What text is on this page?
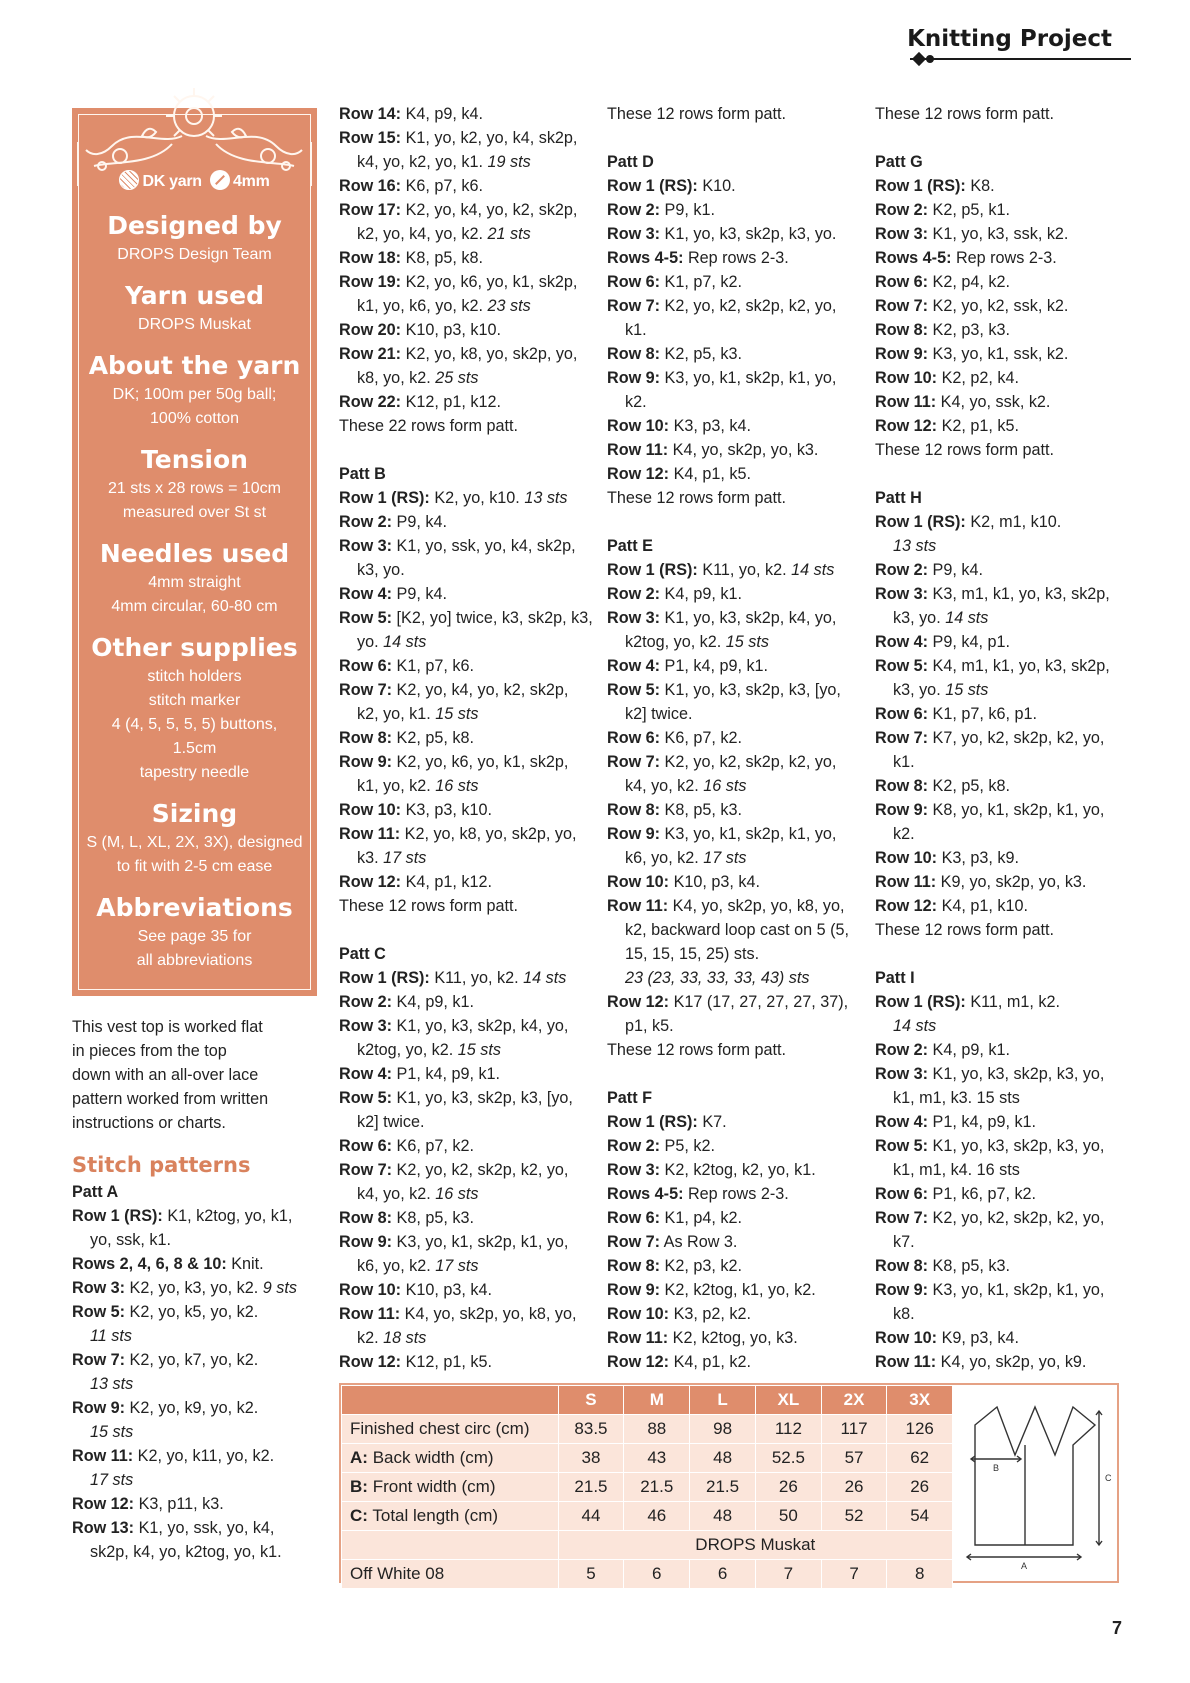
Knitting Project
DK yarn 4mm
Designed by

DROPS Design Team

Yarn used

DROPS Muskat

About the yarn

DK; 100m per 50g ball;

100% cotton

Tension

21 sts x 28 rows = 10cm

measured over St st

Needles used

4mm straight

4mm circular, 60-80 cm

Other supplies

stitch holders

stitch marker

4 (4, 5, 5, 5, 5) buttons,

1.5cm

tapestry needle

Sizing

S (M, L, XL, 2X, 3X), designed

to fit with 2-5 cm ease

Abbreviations

See page 35 for

all abbreviations

This vest top is worked flat
in pieces from the top
down with an all-over lace
pattern worked from written
instructions or charts.
Stitch patterns
Patt A
Row 1 (RS): K1, k2tog, yo, k1, yo, ssk, k1.
Rows 2, 4, 6, 8 & 10: Knit.
Row 3: K2, yo, k3, yo, k2. 9 sts
Row 5: K2, yo, k5, yo, k2.
11 sts
Row 7: K2, yo, k7, yo, k2.
13 sts
Row 9: K2, yo, k9, yo, k2.
15 sts
Row 11: K2, yo, k11, yo, k2.
17 sts
Row 12: K3, p11, k3.
Row 13: K1, yo, ssk, yo, k4, sk2p, k4, yo, k2tog, yo, k1.
Row 14: K4, p9, k4.
Row 15: K1, yo, k2, yo, k4, sk2p, k4, yo, k2, yo, k1. 19 sts
Row 16: K6, p7, k6.
Row 17: K2, yo, k4, yo, k2, sk2p, k2, yo, k4, yo, k2. 21 sts
Row 18: K8, p5, k8.
Row 19: K2, yo, k6, yo, k1, sk2p, k1, yo, k6, yo, k2. 23 sts
Row 20: K10, p3, k10.
Row 21: K2, yo, k8, yo, sk2p, yo, k8, yo, k2. 25 sts
Row 22: K12, p1, k12.
These 22 rows form patt.
Patt B
Row 1 (RS): K2, yo, k10. 13 sts
Row 2: P9, k4.
Row 3: K1, yo, ssk, yo, k4, sk2p, k3, yo.
Row 4: P9, k4.
Row 5: [K2, yo] twice, k3, sk2p, k3, yo. 14 sts
Row 6: K1, p7, k6.
Row 7: K2, yo, k4, yo, k2, sk2p, k2, yo, k1. 15 sts
Row 8: K2, p5, k8.
Row 9: K2, yo, k6, yo, k1, sk2p, k1, yo, k2. 16 sts
Row 10: K3, p3, k10.
Row 11: K2, yo, k8, yo, sk2p, yo, k3. 17 sts
Row 12: K4, p1, k12.
These 12 rows form patt.
Patt C
Row 1 (RS): K11, yo, k2. 14 sts
Row 2: K4, p9, k1.
Row 3: K1, yo, k3, sk2p, k4, yo, k2tog, yo, k2. 15 sts
Row 4: P1, k4, p9, k1.
Row 5: K1, yo, k3, sk2p, k3, [yo, k2] twice.
Row 6: K6, p7, k2.
Row 7: K2, yo, k2, sk2p, k2, yo, k4, yo, k2. 16 sts
Row 8: K8, p5, k3.
Row 9: K3, yo, k1, sk2p, k1, yo, k6, yo, k2. 17 sts
Row 10: K10, p3, k4.
Row 11: K4, yo, sk2p, yo, k8, yo, k2. 18 sts
Row 12: K12, p1, k5.
These 12 rows form patt.
Patt D
Row 1 (RS): K10.
Row 2: P9, k1.
Row 3: K1, yo, k3, sk2p, k3, yo.
Rows 4-5: Rep rows 2-3.
Row 6: K1, p7, k2.
Row 7: K2, yo, k2, sk2p, k2, yo, k1.
Row 8: K2, p5, k3.
Row 9: K3, yo, k1, sk2p, k1, yo, k2.
Row 10: K3, p3, k4.
Row 11: K4, yo, sk2p, yo, k3.
Row 12: K4, p1, k5.
These 12 rows form patt.
Patt E
Row 1 (RS): K11, yo, k2. 14 sts
Row 2: K4, p9, k1.
Row 3: K1, yo, k3, sk2p, k4, yo, k2tog, yo, k2. 15 sts
Row 4: P1, k4, p9, k1.
Row 5: K1, yo, k3, sk2p, k3, [yo, k2] twice.
Row 6: K6, p7, k2.
Row 7: K2, yo, k2, sk2p, k2, yo, k4, yo, k2. 16 sts
Row 8: K8, p5, k3.
Row 9: K3, yo, k1, sk2p, k1, yo, k6, yo, k2. 17 sts
Row 10: K10, p3, k4.
Row 11: K4, yo, sk2p, yo, k8, yo, k2, backward loop cast on 5 (5, 15, 15, 15, 25) sts.
23 (23, 33, 33, 33, 43) sts
Row 12: K17 (17, 27, 27, 27, 37), p1, k5.
These 12 rows form patt.
Patt F
Row 1 (RS): K7.
Row 2: P5, k2.
Row 3: K2, k2tog, k2, yo, k1.
Rows 4-5: Rep rows 2-3.
Row 6: K1, p4, k2.
Row 7: As Row 3.
Row 8: K2, p3, k2.
Row 9: K2, k2tog, k1, yo, k2.
Row 10: K3, p2, k2.
Row 11: K2, k2tog, yo, k3.
Row 12: K4, p1, k2.
These 12 rows form patt.
Patt G
Row 1 (RS): K8.
Row 2: K2, p5, k1.
Row 3: K1, yo, k3, ssk, k2.
Rows 4-5: Rep rows 2-3.
Row 6: K2, p4, k2.
Row 7: K2, yo, k2, ssk, k2.
Row 8: K2, p3, k3.
Row 9: K3, yo, k1, ssk, k2.
Row 10: K2, p2, k4.
Row 11: K4, yo, ssk, k2.
Row 12: K2, p1, k5.
These 12 rows form patt.
Patt H
Row 1 (RS): K2, m1, k10.
13 sts
Row 2: P9, k4.
Row 3: K3, m1, k1, yo, k3, sk2p, k3, yo. 14 sts
Row 4: P9, k4, p1.
Row 5: K4, m1, k1, yo, k3, sk2p, k3, yo. 15 sts
Row 6: K1, p7, k6, p1.
Row 7: K7, yo, k2, sk2p, k2, yo, k1.
Row 8: K2, p5, k8.
Row 9: K8, yo, k1, sk2p, k1, yo, k2.
Row 10: K3, p3, k9.
Row 11: K9, yo, sk2p, yo, k3.
Row 12: K4, p1, k10.
These 12 rows form patt.
Patt I
Row 1 (RS): K11, m1, k2.
14 sts
Row 2: K4, p9, k1.
Row 3: K1, yo, k3, sk2p, k3, yo, k1, m1, k3. 15 sts
Row 4: P1, k4, p9, k1.
Row 5: K1, yo, k3, sk2p, k3, yo, k1, m1, k4. 16 sts
Row 6: P1, k6, p7, k2.
Row 7: K2, yo, k2, sk2p, k2, yo, k7.
Row 8: K8, p5, k3.
Row 9: K3, yo, k1, sk2p, k1, yo, k8.
Row 10: K9, p3, k4.
Row 11: K4, yo, sk2p, yo, k9.
	S	M	L	XL	2X	3X
Finished chest circ (cm)	83.5	88	98	112	117	126
A: Back width (cm)	38	43	48	52.5	57	62
B: Front width (cm)	21.5	21.5	21.5	26	26	26
C: Total length (cm)	44	46	48	50	52	54
	DROPS Muskat					
Off White 08	5	6	6	7	7	8
B
A
C
7
